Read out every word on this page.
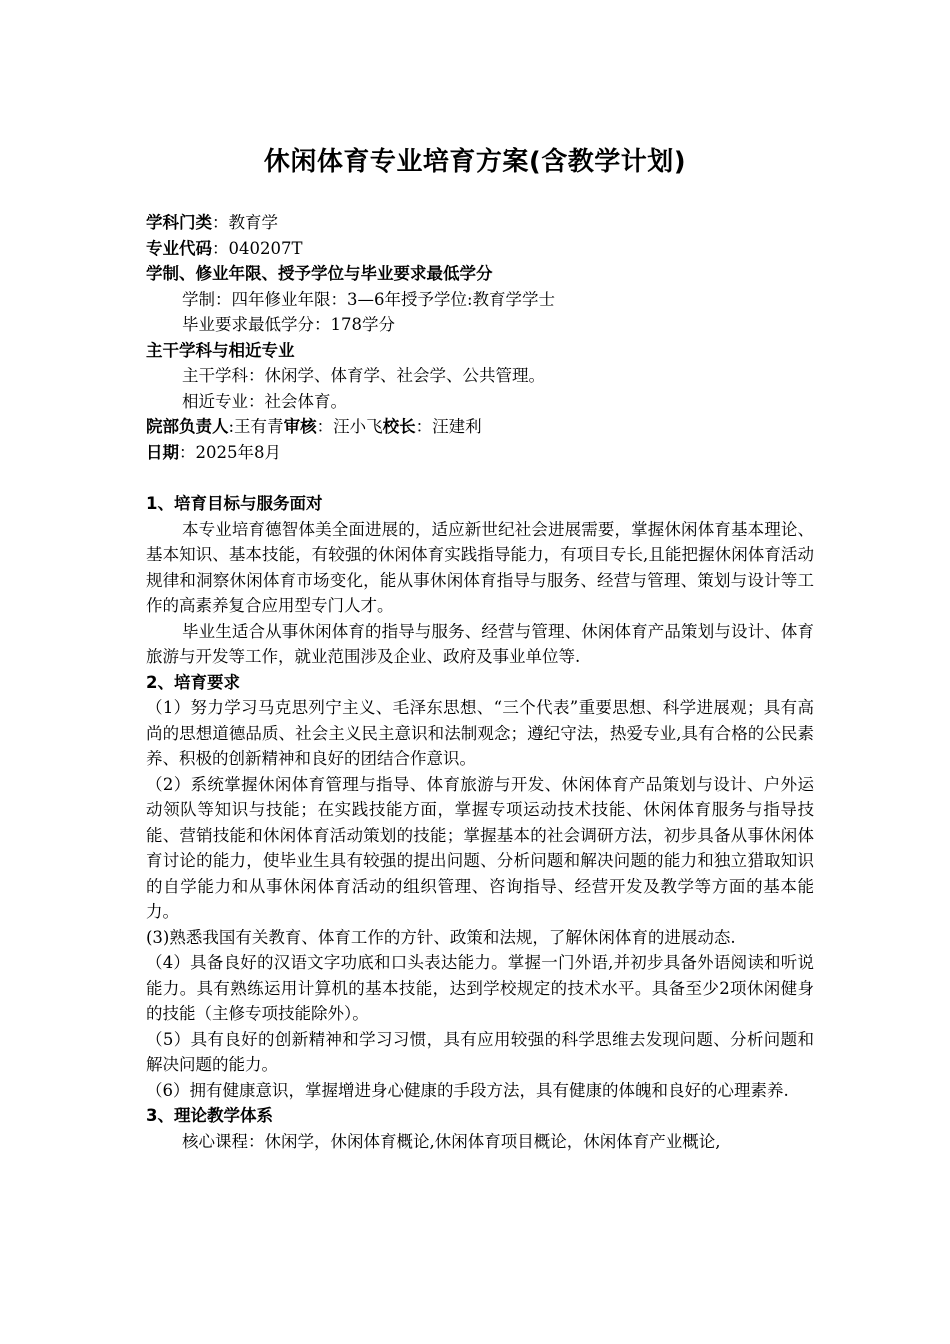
休闲体育专业培育方案(含教学计划)
学科门类：教育学
专业代码：040207T
学制、修业年限、授予学位与毕业要求最低学分
学制：四年修业年限：3—6年授予学位:教育学学士
毕业要求最低学分：178学分
主干学科与相近专业
主干学科：休闲学、体育学、社会学、公共管理。
相近专业：社会体育。
院部负责人:王有青审核：汪小飞校长：汪建利
日期：2025年8月
1、培育目标与服务面对
本专业培育德智体美全面进展的，适应新世纪社会进展需要，掌握休闲体育基本理论、基本知识、基本技能，有较强的休闲体育实践指导能力，有项目专长,且能把握休闲体育活动规律和洞察休闲体育市场变化，能从事休闲体育指导与服务、经营与管理、策划与设计等工作的高素养复合应用型专门人才。
毕业生适合从事休闲体育的指导与服务、经营与管理、休闲体育产品策划与设计、体育旅游与开发等工作，就业范围涉及企业、政府及事业单位等.
2、培育要求
（1）努力学习马克思列宁主义、毛泽东思想、“三个代表”重要思想、科学进展观；具有高尚的思想道德品质、社会主义民主意识和法制观念；遵纪守法，热爱专业,具有合格的公民素养、积极的创新精神和良好的团结合作意识。
（2）系统掌握休闲体育管理与指导、体育旅游与开发、休闲体育产品策划与设计、户外运动领队等知识与技能；在实践技能方面，掌握专项运动技术技能、休闲体育服务与指导技能、营销技能和休闲体育活动策划的技能；掌握基本的社会调研方法，初步具备从事休闲体育讨论的能力，使毕业生具有较强的提出问题、分析问题和解决问题的能力和独立猎取知识的自学能力和从事休闲体育活动的组织管理、咨询指导、经营开发及教学等方面的基本能力。
(3)熟悉我国有关教育、体育工作的方针、政策和法规，了解休闲体育的进展动态.
（4）具备良好的汉语文字功底和口头表达能力。掌握一门外语,并初步具备外语阅读和听说能力。具有熟练运用计算机的基本技能，达到学校规定的技术水平。具备至少2项休闲健身的技能（主修专项技能除外）。
（5）具有良好的创新精神和学习习惯，具有应用较强的科学思维去发现问题、分析问题和解决问题的能力。
（6）拥有健康意识，掌握增进身心健康的手段方法，具有健康的体魄和良好的心理素养.
3、理论教学体系
核心课程：休闲学，休闲体育概论,休闲体育项目概论，休闲体育产业概论,
